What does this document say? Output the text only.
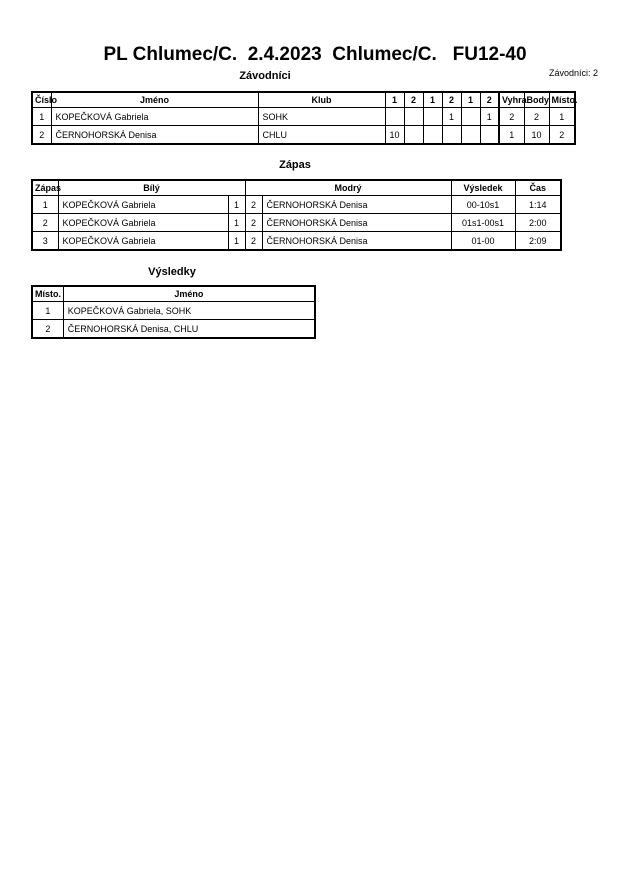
PL Chlumec/C.  2.4.2023  Chlumec/C.   FU12-40
Závodníci: 2
Závodníci
Číslo	Jméno	Klub	1	2	1	2	1	2	Vyhra	Body	Místo.
1	KOPEČKOVÁ Gabriela	SOHK				1		1	2	2	1
2	ČERNOHORSKÁ Denisa	CHLU	10						1	10	2
Zápas
Zápas	Bílý		Modrý		Výsledek	Čas
1	KOPEČKOVÁ Gabriela	1	2	ČERNOHORSKÁ Denisa	00-10s1	1:14
2	KOPEČKOVÁ Gabriela	1	2	ČERNOHORSKÁ Denisa	01s1-00s1	2:00
3	KOPEČKOVÁ Gabriela	1	2	ČERNOHORSKÁ Denisa	01-00	2:09
Výsledky
Místo.	Jméno
1	KOPEČKOVÁ Gabriela, SOHK
2	ČERNOHORSKÁ Denisa, CHLU
